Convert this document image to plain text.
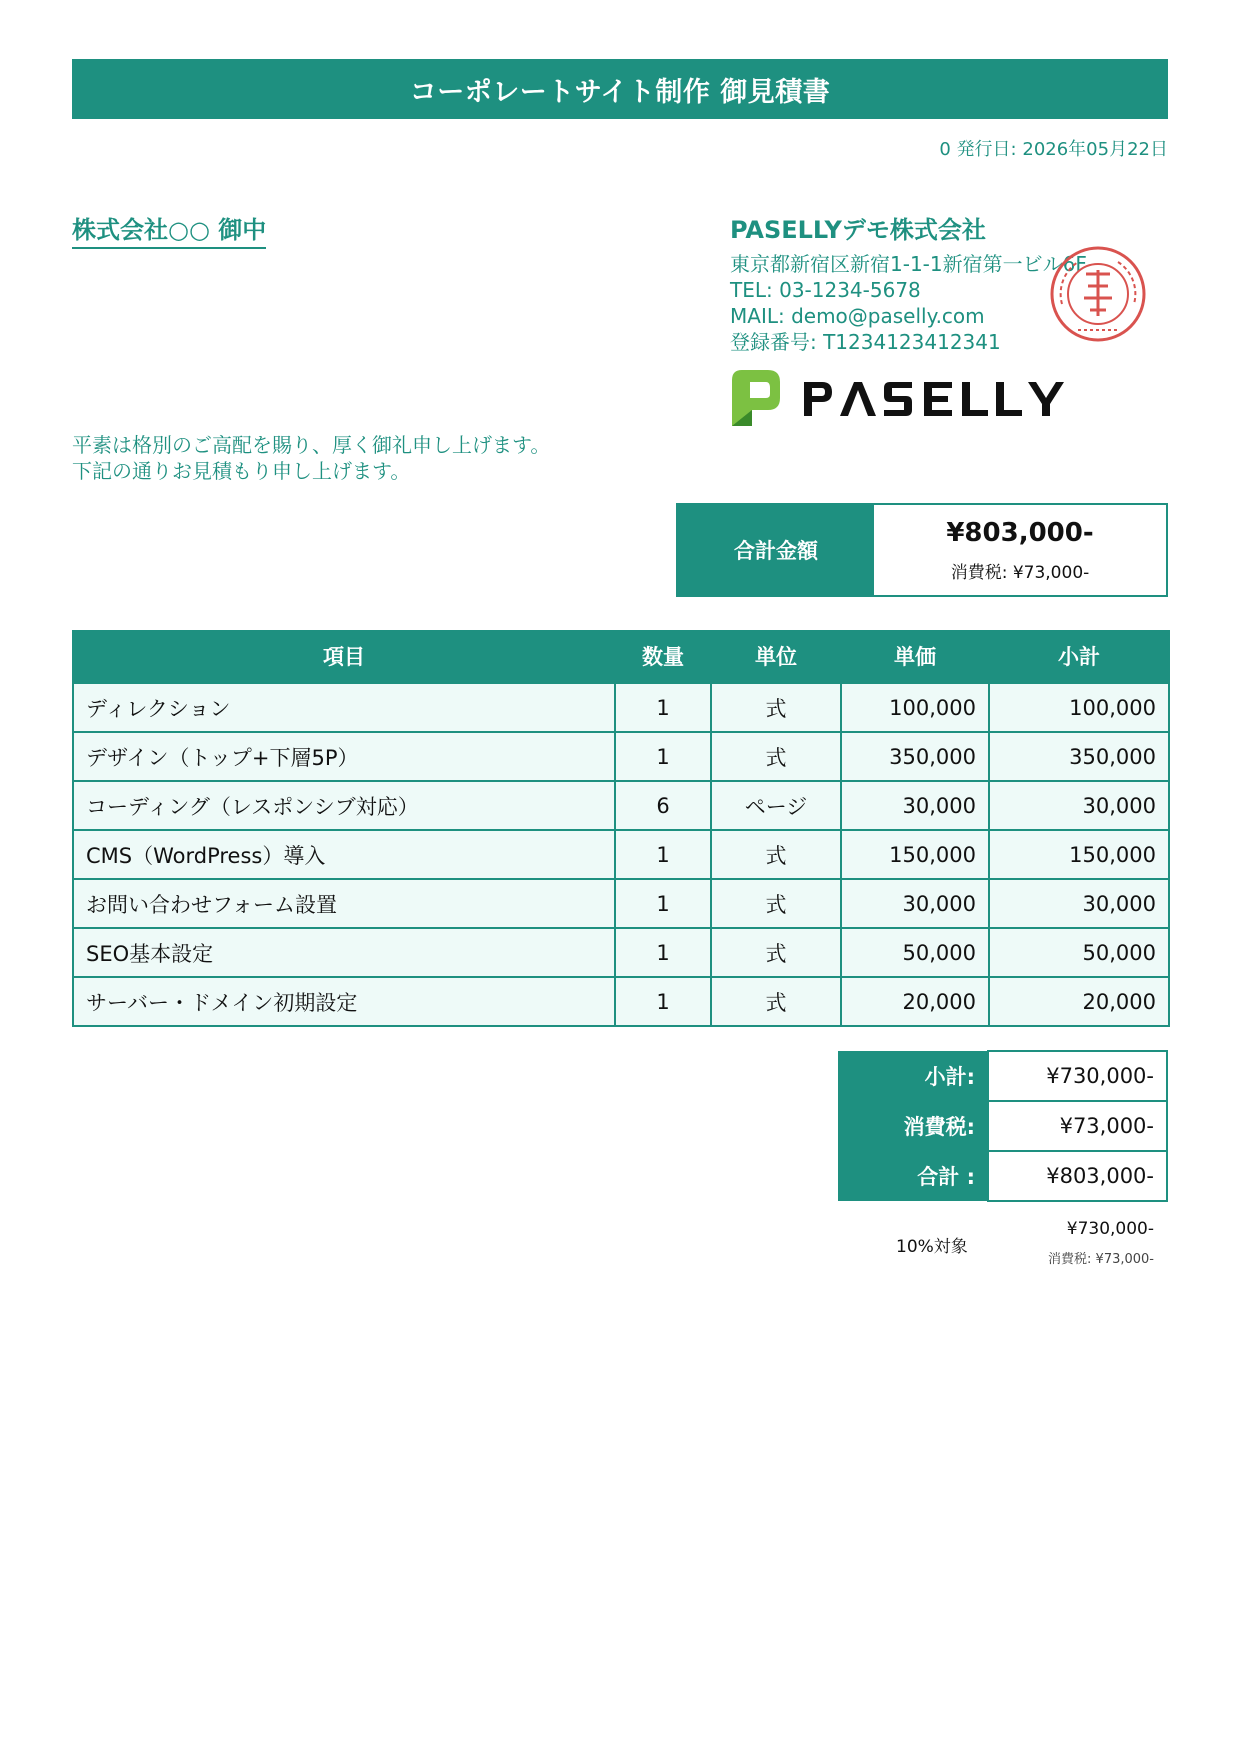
コーポレートサイト制作 御見積書
0 発行日: 2026年05月22日
株式会社○○ 御中	PASELLYデモ株式会社
東京都新宿区新宿1-1-1新宿第一ビル6F
TEL: 03-1234-5678
MAIL: demo@paselly.com
登録番号: T1234123412341
平素は格別のご高配を賜り、厚く御礼申し上げます。
下記の通りお見積もり申し上げます。
合計金額
¥803,000-
消費税: ¥73,000-
項目	数量	単位	単価	小計
ディレクション	1	式	100,000	100,000
デザイン（トップ+下層5P）	1	式	350,000	350,000
コーディング（レスポンシブ対応）	6	ページ	30,000	30,000
CMS（WordPress）導入	1	式	150,000	150,000
お問い合わせフォーム設置	1	式	30,000	30,000
SEO基本設定	1	式	50,000	50,000
サーバー・ドメイン初期設定	1	式	20,000	20,000
小計:	¥730,000-
消費税:	¥73,000-
合計 :	¥803,000-
10%対象
¥730,000-
消費税: ¥73,000-
